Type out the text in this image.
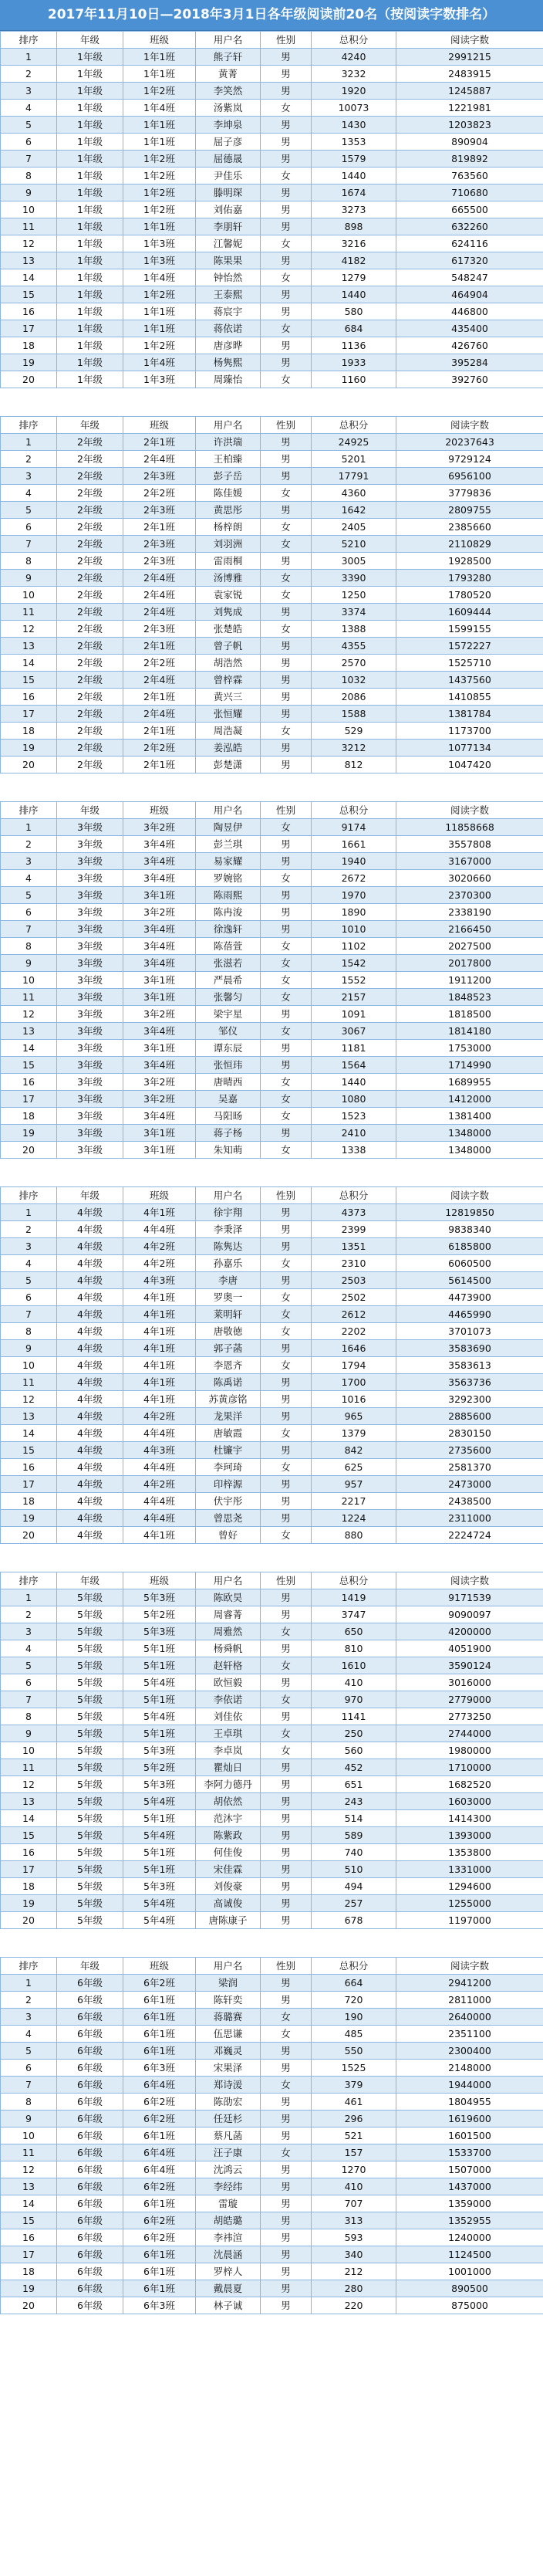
2017年11月10日—2018年3月1日各年级阅读前20名（按阅读字数排名）
排序	年级	班级	用户名	性别	总积分	阅读字数
1	1年级	1年1班	熊子轩	男	4240	2991215
2	1年级	1年1班	黄菁	男	3232	2483915
3	1年级	1年2班	李笑然	男	1920	1245887
4	1年级	1年4班	汤紫岚	女	10073	1221981
5	1年级	1年1班	李坤泉	男	1430	1203823
6	1年级	1年1班	屈子彦	男	1353	890904
7	1年级	1年2班	屈德晟	男	1579	819892
8	1年级	1年2班	尹佳乐	女	1440	763560
9	1年级	1年2班	滕明琛	男	1674	710680
10	1年级	1年2班	刘佑嘉	男	3273	665500
11	1年级	1年1班	李朋轩	男	898	632260
12	1年级	1年3班	江馨妮	女	3216	624116
13	1年级	1年3班	陈果果	男	4182	617320
14	1年级	1年4班	钟怡然	女	1279	548247
15	1年级	1年2班	王泰熙	男	1440	464904
16	1年级	1年1班	蒋宸宇	男	580	446800
17	1年级	1年1班	蒋依诺	女	684	435400
18	1年级	1年2班	唐彦晔	男	1136	426760
19	1年级	1年4班	杨隽熙	男	1933	395284
20	1年级	1年3班	周臻怡	女	1160	392760
排序	年级	班级	用户名	性别	总积分	阅读字数
1	2年级	2年1班	许洪瑞	男	24925	20237643
2	2年级	2年4班	王柏臻	男	5201	9729124
3	2年级	2年3班	彭子岳	男	17791	6956100
4	2年级	2年2班	陈佳媛	女	4360	3779836
5	2年级	2年3班	黄思彤	男	1642	2809755
6	2年级	2年1班	杨梓朗	女	2405	2385660
7	2年级	2年3班	刘羽洲	女	5210	2110829
8	2年级	2年3班	雷雨桐	男	3005	1928500
9	2年级	2年4班	汤博雅	女	3390	1793280
10	2年级	2年4班	袁家锐	女	1250	1780520
11	2年级	2年4班	刘隽成	男	3374	1609444
12	2年级	2年3班	张楚皓	女	1388	1599155
13	2年级	2年1班	曾子帆	男	4355	1572227
14	2年级	2年2班	胡浩然	男	2570	1525710
15	2年级	2年4班	曾梓霖	男	1032	1437560
16	2年级	2年1班	黄兴三	男	2086	1410855
17	2年级	2年4班	张恒耀	男	1588	1381784
18	2年级	2年1班	周浩凝	女	529	1173700
19	2年级	2年2班	姜泓皓	男	3212	1077134
20	2年级	2年1班	彭楚潇	男	812	1047420
排序	年级	班级	用户名	性别	总积分	阅读字数
1	3年级	3年2班	陶昱伊	女	9174	11858668
2	3年级	3年4班	彭兰琪	男	1661	3557808
3	3年级	3年4班	易家耀	男	1940	3167000
4	3年级	3年4班	罗婉铭	女	2672	3020660
5	3年级	3年1班	陈雨熙	男	1970	2370300
6	3年级	3年2班	陈冉浚	男	1890	2338190
7	3年级	3年4班	徐逸轩	男	1010	2166450
8	3年级	3年4班	陈蓓萱	女	1102	2027500
9	3年级	3年4班	张滋若	女	1542	2017800
10	3年级	3年1班	严晨希	女	1552	1911200
11	3年级	3年1班	张馨匀	女	2157	1848523
12	3年级	3年2班	梁宇星	男	1091	1818500
13	3年级	3年4班	邹仪	女	3067	1814180
14	3年级	3年1班	谭东辰	男	1181	1753000
15	3年级	3年4班	张恒玮	男	1564	1714990
16	3年级	3年2班	唐晴西	女	1440	1689955
17	3年级	3年2班	吴嘉	女	1080	1412000
18	3年级	3年4班	马阳旸	女	1523	1381400
19	3年级	3年1班	蒋子杨	男	2410	1348000
20	3年级	3年1班	朱知萌	女	1338	1348000
排序	年级	班级	用户名	性别	总积分	阅读字数
1	4年级	4年1班	徐宇翔	男	4373	12819850
2	4年级	4年4班	李秉泽	男	2399	9838340
3	4年级	4年2班	陈隽达	男	1351	6185800
4	4年级	4年2班	孙嘉乐	女	2310	6060500
5	4年级	4年3班	李唐	男	2503	5614500
6	4年级	4年1班	罗奥一	女	2502	4473900
7	4年级	4年1班	莱明轩	女	2612	4465990
8	4年级	4年1班	唐敬徳	女	2202	3701073
9	4年级	4年1班	郭子菡	男	1646	3583690
10	4年级	4年1班	李恩齐	女	1794	3583613
11	4年级	4年1班	陈禹诺	男	1700	3563736
12	4年级	4年1班	苏黄彦铭	男	1016	3292300
13	4年级	4年2班	龙果洋	男	965	2885600
14	4年级	4年4班	唐敏霞	女	1379	2830150
15	4年级	4年3班	杜镰宇	男	842	2735600
16	4年级	4年4班	李珂琦	女	625	2581370
17	4年级	4年2班	印梓源	男	957	2473000
18	4年级	4年4班	伏宇彤	男	2217	2438500
19	4年级	4年4班	曾思尧	男	1224	2311000
20	4年级	4年1班	曾好	女	880	2224724
排序	年级	班级	用户名	性别	总积分	阅读字数
1	5年级	5年3班	陈欧昊	男	1419	9171539
2	5年级	5年2班	周睿菁	男	3747	9090097
3	5年级	5年3班	周雅然	女	650	4200000
4	5年级	5年1班	杨舜帆	男	810	4051900
5	5年级	5年1班	赵轩格	女	1610	3590124
6	5年级	5年4班	欧恒毅	男	410	3016000
7	5年级	5年1班	李依诺	女	970	2779000
8	5年级	5年4班	刘佳依	男	1141	2773250
9	5年级	5年1班	王卓琪	女	250	2744000
10	5年级	5年3班	李卓岚	女	560	1980000
11	5年级	5年2班	瞿灿日	男	452	1710000
12	5年级	5年3班	李阿力德丹	男	651	1682520
13	5年级	5年4班	胡依然	男	243	1603000
14	5年级	5年1班	范沐宇	男	514	1414300
15	5年级	5年4班	陈紫政	男	589	1393000
16	5年级	5年1班	何佳俊	男	740	1353800
17	5年级	5年1班	宋佳霖	男	510	1331000
18	5年级	5年3班	刘俊豪	男	494	1294600
19	5年级	5年4班	高诚俊	男	257	1255000
20	5年级	5年4班	唐陈康子	男	678	1197000
排序	年级	班级	用户名	性别	总积分	阅读字数
1	6年级	6年2班	梁润	男	664	2941200
2	6年级	6年1班	陈轩奕	男	720	2811000
3	6年级	6年1班	蒋璐赛	女	190	2640000
4	6年级	6年1班	伍思谦	女	485	2351100
5	6年级	6年1班	邓巍灵	男	550	2300400
6	6年级	6年3班	宋果泽	男	1525	2148000
7	6年级	6年4班	郑诗湲	女	379	1944000
8	6年级	6年2班	陈劭宏	男	461	1804955
9	6年级	6年2班	任廷杉	男	296	1619600
10	6年级	6年1班	蔡凡菡	男	521	1601500
11	6年级	6年4班	汪子康	女	157	1533700
12	6年级	6年4班	沈鸿云	男	1270	1507000
13	6年级	6年2班	李经纬	男	410	1437000
14	6年级	6年1班	雷璇	男	707	1359000
15	6年级	6年2班	胡皓璐	男	313	1352955
16	6年级	6年2班	李祎渲	男	593	1240000
17	6年级	6年1班	沈晨涵	男	340	1124500
18	6年级	6年1班	罗梓人	男	212	1001000
19	6年级	6年1班	戴晨夏	男	280	890500
20	6年级	6年3班	林子诚	男	220	875000
